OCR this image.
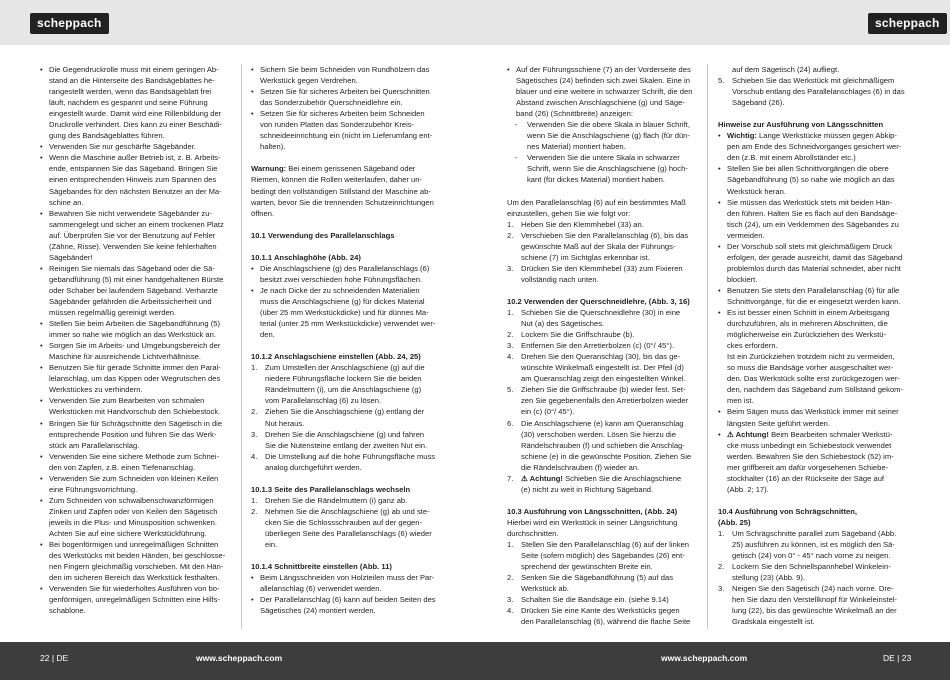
scheppach	scheppach

• Die Gegendruckrolle muss mit einem geringen Ab-

stand an die Hinterseite des Bandsägeblattes he-

rangestellt werden, wenn das Bandsägeblatt frei

läuft, nachdem es gespannt und seine Führung

eingestellt wurde. Damit wird eine Rillenbildung der

Druckrolle verhindert. Dies kann zu einer Beschädi-

gung des Bandsägeblattes führen.

• Verwenden Sie nur geschärfte Sägebänder.

• Wenn die Maschine außer Betrieb ist, z. B. Arbeits-

ende, entspannen Sie das Sägeband. Bringen Sie

einen entsprechenden Hinweis zum Spannen des

Sägebandes für den nächsten Benutzer an der Ma-

schine an.

• Bewahren Sie nicht verwendete Sägebänder zu-

sammengelegt und sicher an einem trockenen Platz

auf. Überprüfen Sie vor der Benutzung auf Fehler

(Zähne, Risse). Verwenden Sie keine fehlerhaften

Sägebänder!

• Reinigen Sie niemals das Sägeband oder die Sä-

gebandführung (5) mit einer handgehaltenen Bürste

oder Schaber bei laufendem Sägeband. Verharzte

Sägebänder gefährden die Arbeitssicherheit und

müssen regelmäßig gereinigt werden.

• Stellen Sie beim Arbeiten die Sägebandführung (5)

immer so nahe wie möglich an das Werkstück an.

• Sorgen Sie im Arbeits- und Umgebungsbereich der

Maschine für ausreichende Lichtverhältnisse.

• Benutzen Sie für gerade Schnitte immer den Paral-

lelanschlag, um das Kippen oder Wegrutschen des

Werkstückes zu verhindern.

• Verwenden Sie zum Bearbeiten von schmalen

Werkstücken mit Handvorschub den Schiebestock.

• Bringen Sie für Schrägschnitte den Sägetisch in die

entsprechende Position und führen Sie das Werk-

stück am Parallelanschlag.

• Verwenden Sie eine sichere Methode zum Schnei-

den von Zapfen, z.B. einen Tiefenanschlag.

• Verwenden Sie zum Schneiden von kleinen Keilen

eine Führungsvorrichtung.

• Zum Schneiden von schwalbenschwanzförmigen

Zinken und Zapfen oder von Keilen den Sägetisch

jeweils in die Plus- und Minusposition schwenken.

Achten Sie auf eine sichere Werkstückführung.

• Bei bogenförmigen und unregelmäßigen Schnitten

des Werkstücks mit beiden Händen, bei geschlosse-

nen Fingern gleichmäßig vorschieben. Mit den Hän-

den im sicheren Bereich das Werkstück festhalten.

• Verwenden Sie für wiederholtes Ausführen von bo-

genförmigen, unregelmäßigen Schnitten eine Hilfs-

schablone.

• Sichern Sie beim Schneiden von Rundhölzern das

Werkstück gegen Verdrehen.

• Setzen Sie für sicheres Arbeiten bei Querschnitten

das Sonderzubehör Querschneidlehre ein.

• Setzen Sie für sicheres Arbeiten beim Schneiden

von runden Platten das Sonderzubehör Kreis-

schneideeinrichtung ein (nicht im Lieferumfang ent-

halten).

Warnung: Bei einem gerissenen Sägeband oder

Riemen, können die Rollen weiterlaufen, daher un-

bedingt den vollständigen Stillstand der Maschine ab-

warten, bevor Sie die trennenden Schutzeinrichtungen

öffnen.

10.1 Verwendung des Parallelanschlags

10.1.1 Anschlaghöhe (Abb. 24)

• Die Anschlagschiene (g) des Parallelanschlags (6)

besitzt zwei verschieden hohe Führungsflächen.

• Je nach Dicke der zu schneidenden Materialien

muss die Anschlagschiene (g) für dickes Material

(über 25 mm Werkstückdicke) und für dünnes Ma-

terial (unter 25 mm Werkstückdicke) verwendet wer-

den.

10.1.2 Anschlagschiene einstellen (Abb. 24, 25)

1. Zum Umstellen der Anschlagschiene (g) auf die

niedere Führungsfläche lockern Sie die beiden

Rändelmuttern (i), um die Anschlagschiene (g)

vom Parallelanschlag (6) zu lösen.

2. Ziehen Sie die Anschlagschiene (g) entlang der

Nut heraus.

3. Drehen Sie die Anschlagschiene (g) und fahren

Sie die Nutensteine entlang der zweiten Nut ein.

4. Die Umstellung auf die hohe Führungsfläche muss

analog durchgeführt werden.

10.1.3 Seite des Parallelanschlags wechseln

1. Drehen Sie die Rändelmuttern (i) ganz ab.

2. Nehmen Sie die Anschlagschiene (g) ab und ste-

cken Sie die Schlossschrauben auf der gegen-

überliegen Seite des Parallelanschlags (6) wieder

ein.

10.1.4 Schnittbreite einstellen (Abb. 11)

• Beim Längsschneiden von Holzteilen muss der Par-

allelanschlag (6) verwendet werden.

• Der Parallelanschlag (6) kann auf beiden Seiten des

Sägetisches (24) montiert werden.

• Auf der Führungsschiene (7) an der Vorderseite des

Sägetisches (24) befinden sich zwei Skalen. Eine in

blauer und eine weitere in schwarzer Schrift, die den

Abstand zwischen Anschlagschiene (g) und Säge-

band (26) (Schnittbreite) anzeigen:

- Verwenden Sie die obere Skala in blauer Schrift,

wenn Sie die Anschlagschiene (g) flach (für dün-

nes Material) montiert haben.

- Verwenden Sie die untere Skala in schwarzer

Schrift, wenn Sie die Anschlagschiene (g) hoch-

kant (für dickes Material) montiert haben.

Um den Parallelanschlag (6) auf ein bestimmtes Maß

einzustellen, gehen Sie wie folgt vor:

1. Heben Sie den Klemmhebel (33) an.

2. Verschieben Sie den Parallelanschlag (6), bis das

gewünschte Maß auf der Skala der Führungs-

schiene (7) im Sichtglas erkennbar ist.

3. Drücken Sie den Klemmhebel (33) zum Fixieren

vollständig nach unten.

10.2 Verwenden der Querschneidlehre, (Abb. 3, 16)

1. Schieben Sie die Querschneidlehre (30) in eine

Nut (a) des Sägetisches.

2. Lockern Sie die Griffschraube (b).

3. Entfernen Sie den Arretierbolzen (c) (0°/ 45°).

4. Drehen Sie den Queranschlag (30), bis das ge-

wünschte Winkelmaß eingestellt ist. Der Pfeil (d)

am Queranschlag zeigt den eingestellten Winkel.

5. Ziehen Sie die Griffschraube (b) wieder fest. Set-

zen Sie gegebenenfalls den Arretierbolzen wieder

ein (c) (0°/ 45°).

6. Die Anschlagschiene (e) kann am Queranschlag

(30) verschoben werden. Lösen Sie hierzu die

Rändelschrauben (f) und schieben die Anschlag-

schiene (e) in die gewünschte Position. Ziehen Sie

die Rändelschrauben (f) wieder an.

7. ⚠ Achtung! Schieben Sie die Anschlagschiene

(e) nicht zu weit in Richtung Sägeband.

10.3 Ausführung von Längsschnitten, (Abb. 24)

Hierbei wird ein Werkstück in seiner Längsrichtung

durchschnitten.

1. Stellen Sie den Parallelanschlag (6) auf der linken

Seite (sofern möglich) des Sägebandes (26) ent-

sprechend der gewünschten Breite ein.

2. Senken Sie die Sägebandführung (5) auf das

Werkstück ab.

3. Schalten Sie die Bandsäge ein. (siehe 9.14)

4. Drücken Sie eine Kante des Werkstücks gegen

den Parallelanschlag (6), während die flache Seite

auf dem Sägetisch (24) aufliegt.

5. Schieben Sie das Werkstück mit gleichmäßigem

Vorschub entlang des Parallelanschlages (6) in das

Sägeband (26).

Hinweise zur Ausführung von Längsschnitten

• Wichtig: Lange Werkstücke müssen gegen Abkip-

pen am Ende des Schneidvorganges gesichert wer-

den (z.B. mit einem Abrollständer etc.)

• Stellen Sie bei allen Schnittvorgängen die obere

Sägebandführung (5) so nahe wie möglich an das

Werkstück heran.

• Sie müssen das Werkstück stets mit beiden Hän-

den führen. Halten Sie es flach auf den Bandsäge-

tisch (24), um ein Verklemmen des Sägebandes zu

vermeiden.

• Der Vorschub soll stets mit gleichmäßigem Druck

erfolgen, der gerade ausreicht, damit das Sägeband

problemlos durch das Material schneidet, aber nicht

blockiert.

• Benutzen Sie stets den Parallelanschlag (6) für alle

Schnittvorgänge, für die er eingesetzt werden kann.

• Es ist besser einen Schnitt in einem Arbeitsgang

durchzuführen, als in mehreren Abschnitten, die

möglicherweise ein Zurückziehen des Werkstü-

ckes erfordern.

Ist ein Zurückziehen trotzdem nicht zu vermeiden,

so muss die Bandsäge vorher ausgeschaltet wer-

den. Das Werkstück sollte erst zurückgezogen wer-

den, nachdem das Sägeband zum Stillstand gekom-

men ist.

• Beim Sägen muss das Werkstück immer mit seiner

längsten Seite geführt werden.

• ⚠ Achtung! Beim Bearbeiten schmaler Werkstü-

cke muss unbedingt ein Schiebestock verwendet

werden. Bewahren Sie den Schiebestock (52) im-

mer griffbereit am dafür vorgesehenen Schiebe-

stockhalter (16) an der Rückseite der Säge auf

(Abb. 2; 17).

10.4 Ausführung von Schrägschnitten,

(Abb. 25)

1. Um Schrägschnitte parallel zum Sägeband (Abb.

25) ausführen zu können, ist es möglich den Sä-

getisch (24) von 0° - 45° nach vorne zu neigen.

2. Lockern Sie den Schnellspannhebel Winkelein-

stellung (23) (Abb. 9).

3. Neigen Sie den Sägetisch (24) nach vorne. Dre-

hen Sie dazu den Verstellknopf für Winkeleinstel-

lung (22), bis das gewünschte Winkelmaß an der

Gradskala eingestellt ist.

22 | DE	www.scheppach.com	www.scheppach.com	DE | 23
